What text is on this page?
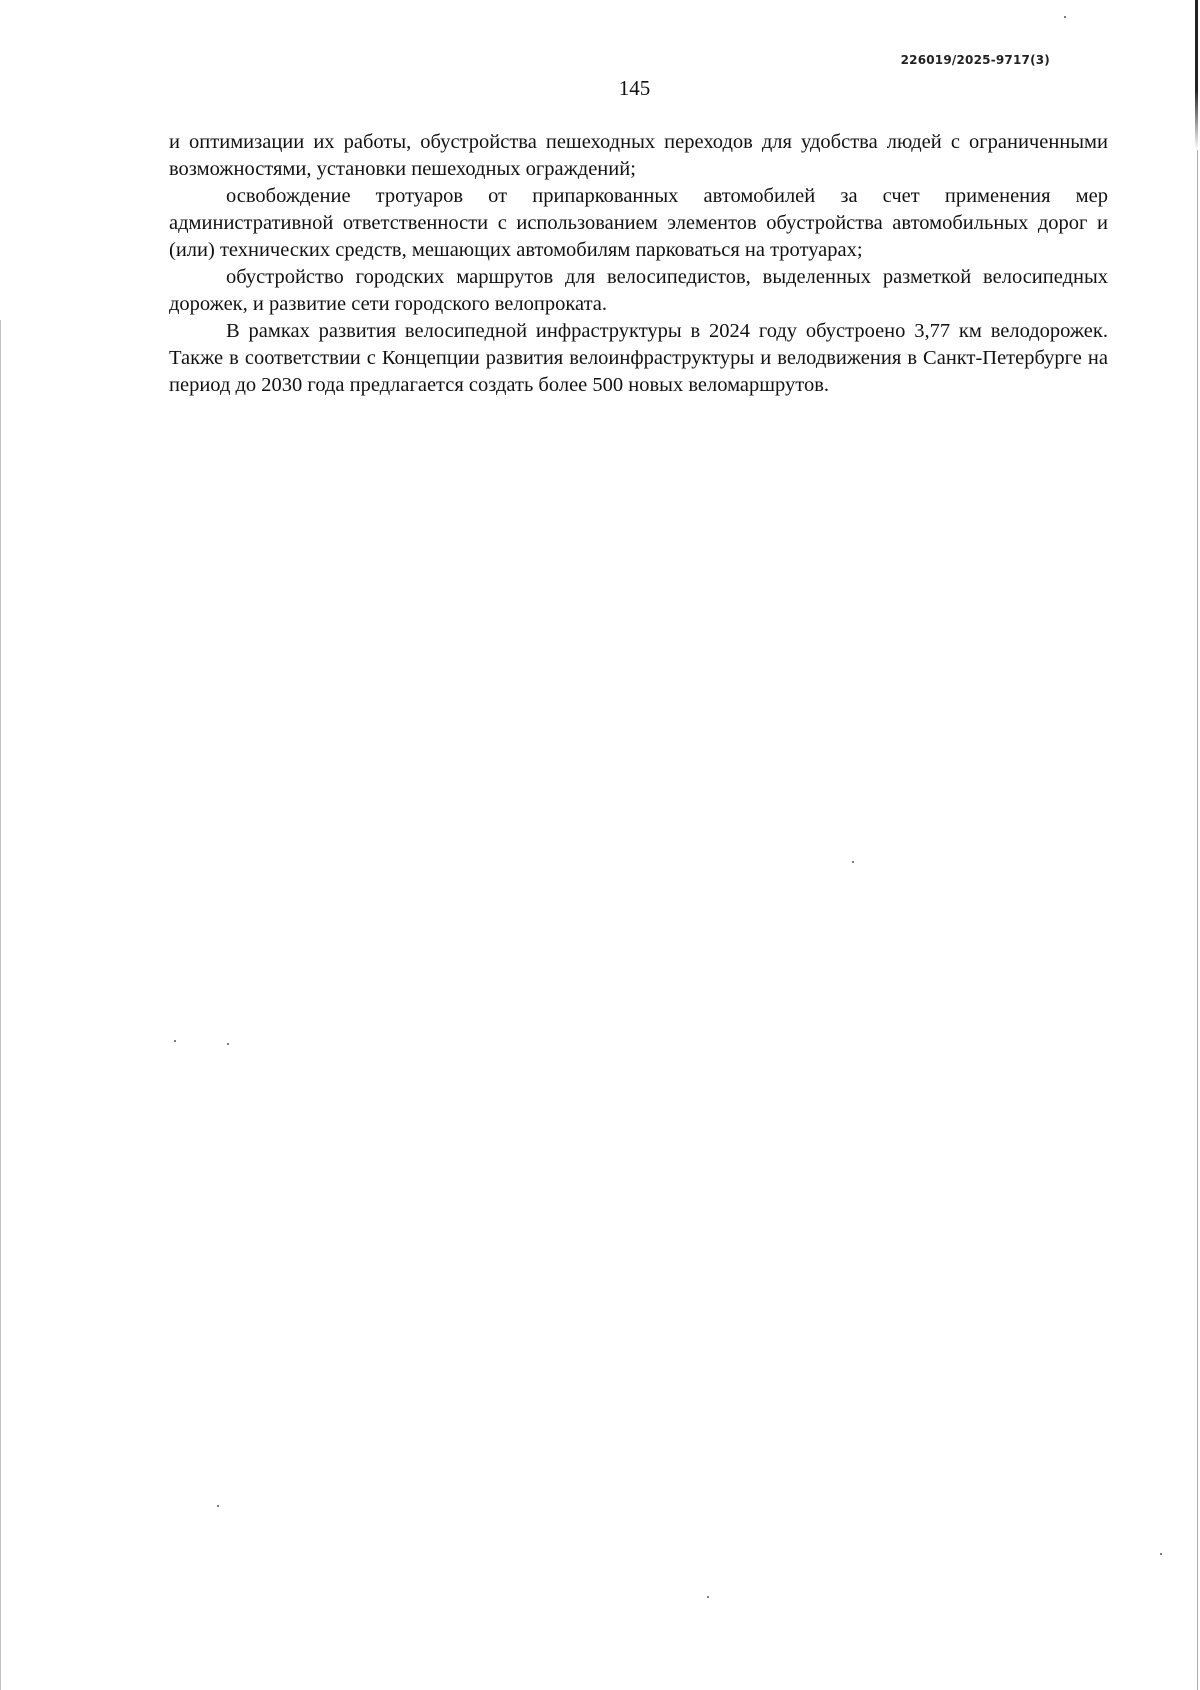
226019/2025-9717(3)
145

и оптимизации их работы, обустройства пешеходных переходов для удобства людей с ограниченными возможностями, установки пешеходных ограждений;

освобождение тротуаров от припаркованных автомобилей за счет применения мер административной ответственности с использованием элементов обустройства автомобильных дорог и (или) технических средств, мешающих автомобилям парковаться на тротуарах;

обустройство городских маршрутов для велосипедистов, выделенных разметкой велосипедных дорожек, и развитие сети городского велопроката.

В рамках развития велосипедной инфраструктуры в 2024 году обустроено 3,77 км велодорожек. Также в соответствии с Концепции развития велоинфраструктуры и велодвижения в Санкт-Петербурге на период до 2030 года предлагается создать более 500 новых веломаршрутов.
